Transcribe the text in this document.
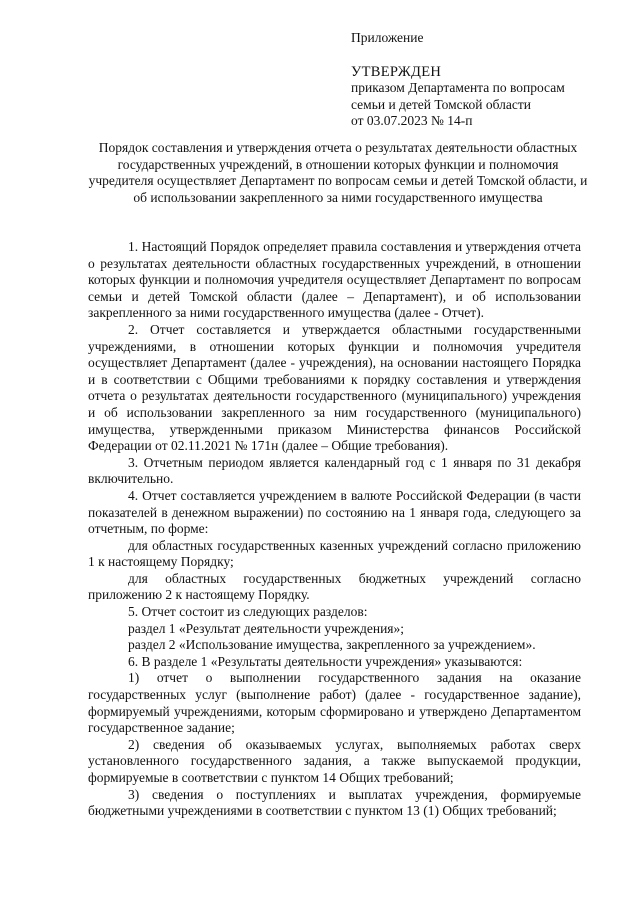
Приложение
УТВЕРЖДЕН
приказом Департамента по вопросам
семьи и детей Томской области
от 03.07.2023 № 14-п
Порядок составления и утверждения отчета о результатах деятельности областных государственных учреждений, в отношении которых функции и полномочия учредителя осуществляет Департамент по вопросам семьи и детей Томской области, и об использовании закрепленного за ними государственного имущества

1. Настоящий Порядок определяет правила составления и утверждения отчета о результатах деятельности областных государственных учреждений, в отношении которых функции и полномочия учредителя осуществляет Департамент по вопросам семьи и детей Томской области (далее – Департамент), и об использовании закрепленного за ними государственного имущества (далее - Отчет).

2. Отчет составляется и утверждается областными государственными учреждениями, в отношении которых функции и полномочия учредителя осуществляет Департамент (далее - учреждения), на основании настоящего Порядка и в соответствии с Общими требованиями к порядку составления и утверждения отчета о результатах деятельности государственного (муниципального) учреждения и об использовании закрепленного за ним государственного (муниципального) имущества, утвержденными приказом Министерства финансов Российской Федерации от 02.11.2021 № 171н (далее – Общие требования).

3. Отчетным периодом является календарный год с 1 января по 31 декабря включительно.

4. Отчет составляется учреждением в валюте Российской Федерации (в части показателей в денежном выражении) по состоянию на 1 января года, следующего за отчетным, по форме:

для областных государственных казенных учреждений согласно приложению 1 к настоящему Порядку;

для областных государственных бюджетных учреждений согласно приложению 2 к настоящему Порядку.

5. Отчет состоит из следующих разделов:

раздел 1 «Результат деятельности учреждения»;

раздел 2 «Использование имущества, закрепленного за учреждением».

6. В разделе 1 «Результаты деятельности учреждения» указываются:

1) отчет о выполнении государственного задания на оказание государственных услуг (выполнение работ) (далее - государственное задание), формируемый учреждениями, которым сформировано и утверждено Департаментом государственное задание;

2) сведения об оказываемых услугах, выполняемых работах сверх установленного государственного задания, а также выпускаемой продукции, формируемые в соответствии с пунктом 14 Общих требований;

3) сведения о поступлениях и выплатах учреждения, формируемые бюджетными учреждениями в соответствии с пунктом 13 (1) Общих требований;
